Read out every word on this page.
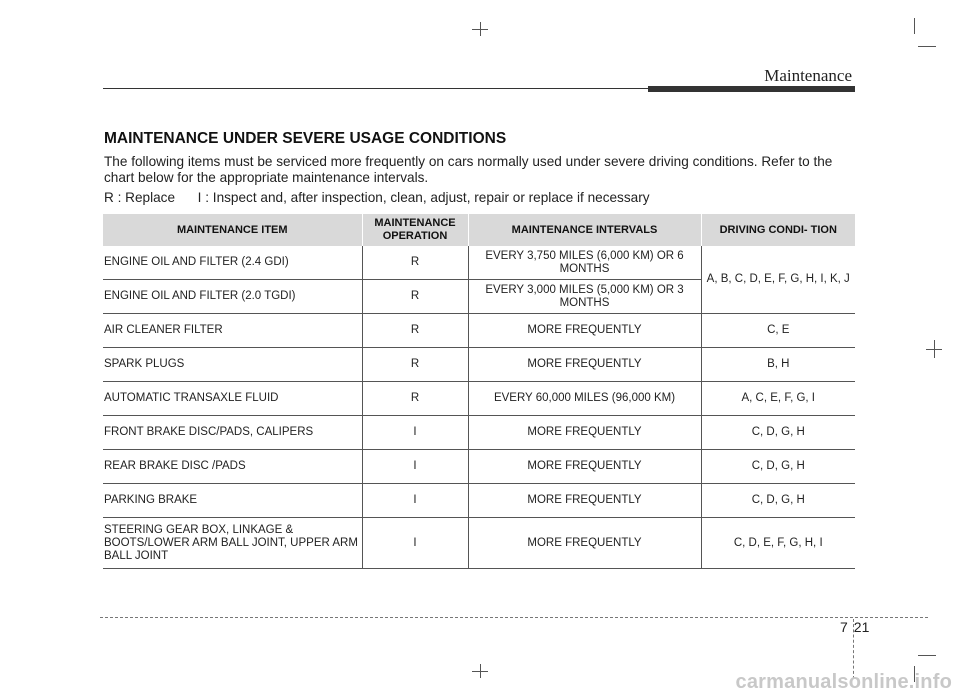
Maintenance
MAINTENANCE UNDER SEVERE USAGE CONDITIONS

The following items must be serviced more frequently on cars normally used under severe driving conditions. Refer to the chart below for the appropriate maintenance intervals.

R : Replace      I : Inspect and, after inspection, clean, adjust, repair or replace if necessary

MAINTENANCE ITEM	MAINTENANCE OPERATION	MAINTENANCE INTERVALS	DRIVING CONDI- TION
ENGINE OIL AND FILTER (2.4 GDI)	R	EVERY 3,750 MILES (6,000 KM) OR 6 MONTHS	A, B, C, D, E, F, G, H, I, K, J
ENGINE OIL AND FILTER (2.0 TGDI)	R	EVERY 3,000 MILES (5,000 KM) OR 3 MONTHS	
AIR CLEANER FILTER	R	MORE FREQUENTLY	C, E
SPARK PLUGS	R	MORE FREQUENTLY	B, H
AUTOMATIC TRANSAXLE FLUID	R	EVERY 60,000 MILES (96,000 KM)	A, C, E, F, G, I
FRONT BRAKE DISC/PADS, CALIPERS	I	MORE FREQUENTLY	C, D, G, H
REAR BRAKE DISC /PADS	I	MORE FREQUENTLY	C, D, G, H
PARKING BRAKE	I	MORE FREQUENTLY	C, D, G, H
STEERING GEAR BOX, LINKAGE & BOOTS/LOWER ARM BALL JOINT, UPPER ARM BALL JOINT	I	MORE FREQUENTLY	C, D, E, F, G, H, I
7 21
carmanualsonline.info
